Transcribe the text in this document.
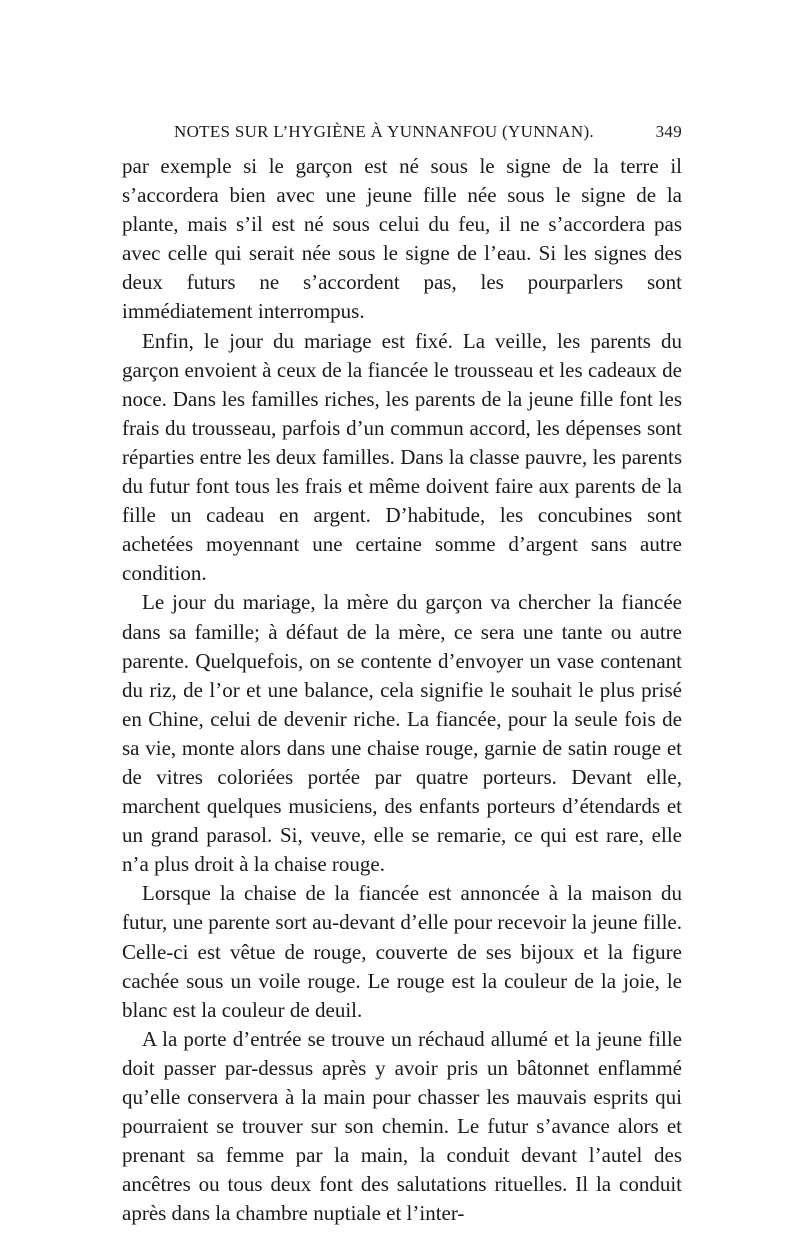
NOTES SUR L’HYGIÈNE À YUNNANFOU (YUNNAN).	349

par exemple si le garçon est né sous le signe de la terre il s’accordera bien avec une jeune fille née sous le signe de la plante, mais s’il est né sous celui du feu, il ne s’accordera pas avec celle qui serait née sous le signe de l’eau. Si les signes des deux futurs ne s’accordent pas, les pourparlers sont immédiatement interrompus.

Enfin, le jour du mariage est fixé. La veille, les parents du garçon envoient à ceux de la fiancée le trousseau et les cadeaux de noce. Dans les familles riches, les parents de la jeune fille font les frais du trousseau, parfois d’un commun accord, les dépenses sont réparties entre les deux familles. Dans la classe pauvre, les parents du futur font tous les frais et même doivent faire aux parents de la fille un cadeau en argent. D’habitude, les concubines sont achetées moyennant une certaine somme d’argent sans autre condition.

Le jour du mariage, la mère du garçon va chercher la fiancée dans sa famille; à défaut de la mère, ce sera une tante ou autre parente. Quelquefois, on se contente d’envoyer un vase contenant du riz, de l’or et une balance, cela signifie le souhait le plus prisé en Chine, celui de devenir riche. La fiancée, pour la seule fois de sa vie, monte alors dans une chaise rouge, garnie de satin rouge et de vitres coloriées portée par quatre porteurs. Devant elle, marchent quelques musiciens, des enfants porteurs d’étendards et un grand parasol. Si, veuve, elle se remarie, ce qui est rare, elle n’a plus droit à la chaise rouge.

Lorsque la chaise de la fiancée est annoncée à la maison du futur, une parente sort au-devant d’elle pour recevoir la jeune fille. Celle-ci est vêtue de rouge, couverte de ses bijoux et la figure cachée sous un voile rouge. Le rouge est la couleur de la joie, le blanc est la couleur de deuil.

A la porte d’entrée se trouve un réchaud allumé et la jeune fille doit passer par-dessus après y avoir pris un bâtonnet enflammé qu’elle conservera à la main pour chasser les mauvais esprits qui pourraient se trouver sur son chemin. Le futur s’avance alors et prenant sa femme par la main, la conduit devant l’autel des ancêtres ou tous deux font des salutations rituelles. Il la conduit après dans la chambre nuptiale et l’inter-
